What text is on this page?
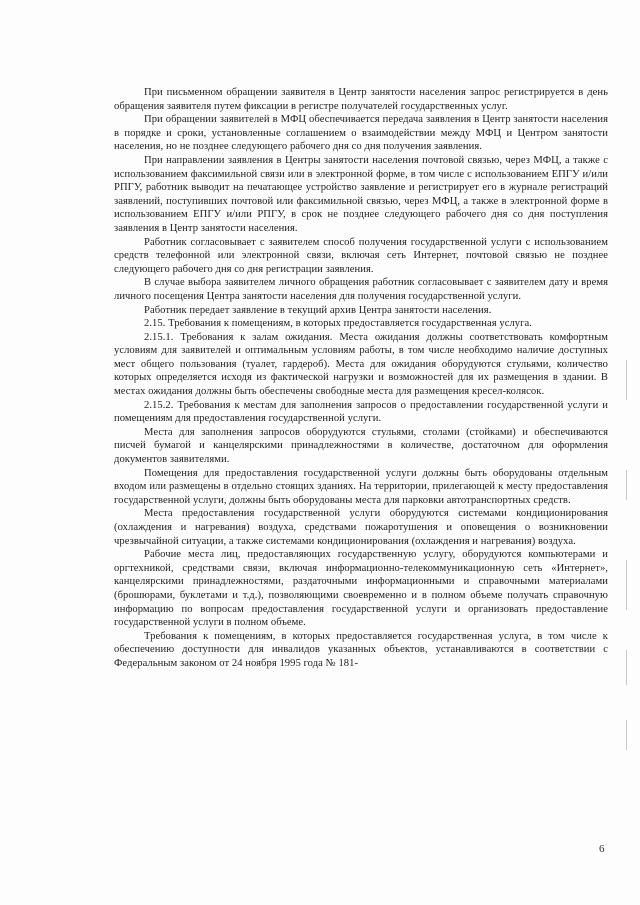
При письменном обращении заявителя в Центр занятости населения запрос регистрируется в день обращения заявителя путем фиксации в регистре получателей государственных услуг.

При обращении заявителей в МФЦ обеспечивается передача заявления в Центр занятости населения в порядке и сроки, установленные соглашением о взаимодействии между МФЦ и Центром занятости населения, но не позднее следующего рабочего дня со дня получения заявления.

При направлении заявления в Центры занятости населения почтовой связью, через МФЦ, а также с использованием факсимильной связи или в электронной форме, в том числе с использованием ЕПГУ и/или РПГУ, работник выводит на печатающее устройство заявление и регистрирует его в журнале регистраций заявлений, поступивших почтовой или факсимильной связью, через МФЦ, а также в электронной форме в использованием ЕПГУ и/или РПГУ, в срок не позднее следующего рабочего дня со дня поступления заявления в Центр занятости населения.

Работник согласовывает с заявителем способ получения государственной услуги с использованием средств телефонной или электронной связи, включая сеть Интернет, почтовой связью не позднее следующего рабочего дня со дня регистрации заявления.

В случае выбора заявителем личного обращения работник согласовывает с заявителем дату и время личного посещения Центра занятости населения для получения государственной услуги.

Работник передает заявление в текущий архив Центра занятости населения.

2.15. Требования к помещениям, в которых предоставляется государственная услуга.

2.15.1. Требования к залам ожидания. Места ожидания должны соответствовать комфортным условиям для заявителей и оптимальным условиям работы, в том числе необходимо наличие доступных мест общего пользования (туалет, гардероб). Места для ожидания оборудуются стульями, количество которых определяется исходя из фактической нагрузки и возможностей для их размещения в здании. В местах ожидания должны быть обеспечены свободные места для размещения кресел-колясок.

2.15.2. Требования к местам для заполнения запросов о предоставлении государственной услуги и помещениям для предоставления государственной услуги.

Места для заполнения запросов оборудуются стульями, столами (стойками) и обеспечиваются писчей бумагой и канцелярскими принадлежностями в количестве, достаточном для оформления документов заявителями.

Помещения для предоставления государственной услуги должны быть оборудованы отдельным входом или размещены в отдельно стоящих зданиях. На территории, прилегающей к месту предоставления государственной услуги, должны быть оборудованы места для парковки автотранспортных средств.

Места предоставления государственной услуги оборудуются системами кондиционирования (охлаждения и нагревания) воздуха, средствами пожаротушения и оповещения о возникновении чрезвычайной ситуации, а также системами кондиционирования (охлаждения и нагревания) воздуха.

Рабочие места лиц, предоставляющих государственную услугу, оборудуются компьютерами и оргтехникой, средствами связи, включая информационно-телекоммуникационную сеть «Интернет», канцелярскими принадлежностями, раздаточными информационными и справочными материалами (брошюрами, буклетами и т.д.), позволяющими своевременно и в полном объеме получать справочную информацию по вопросам предоставления государственной услуги и организовать предоставление государственной услуги в полном объеме.

Требования к помещениям, в которых предоставляется государственная услуга, в том числе к обеспечению доступности для инвалидов указанных объектов, устанавливаются в соответствии с Федеральным законом от 24 ноября 1995 года № 181-

6
